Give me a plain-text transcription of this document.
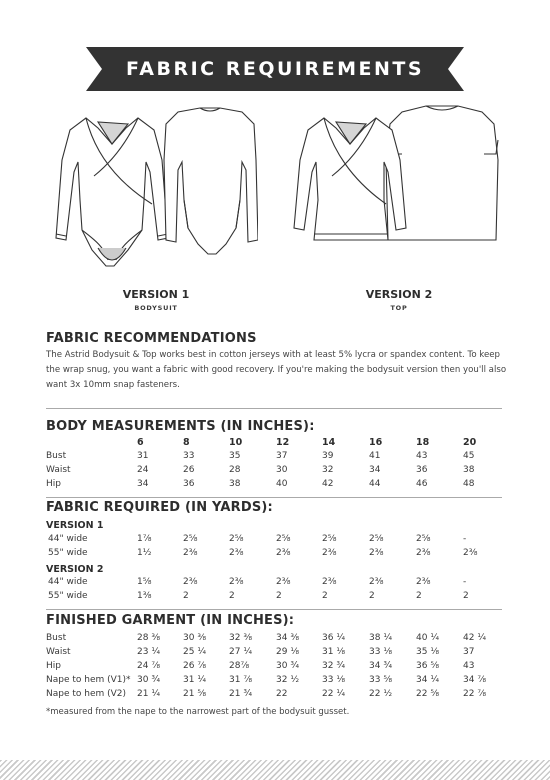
FABRIC REQUIREMENTS
VERSION 1
BODYSUIT
VERSION 2
TOP
FABRIC RECOMMENDATIONS
The Astrid Bodysuit & Top works best in cotton jerseys with at least 5% lycra or spandex content. To keep the wrap snug, you want a fabric with good recovery. If you're making the bodysuit version then you'll also want 3x 10mm snap fasteners.
BODY MEASUREMENTS (IN INCHES):
6	8	10	12	14	16	18	20
Bust	31	33	35	37	39	41	43	45
Waist	24	26	28	30	32	34	36	38
Hip	34	36	38	40	42	44	46	48
FABRIC REQUIRED (IN YARDS):
VERSION 1
VERSION 2
44" wide	1⅞	2⅝	2⅝	2⅝	2⅝	2⅝	2⅝	-
55" wide	1½	2⅜	2⅜	2⅜	2⅜	2⅜	2⅜	2⅜
44" wide	1⅝	2⅜	2⅜	2⅜	2⅜	2⅜	2⅜	-
55" wide	1⅜	2	2	2	2	2	2	2
FINISHED GARMENT (IN INCHES):
Bust	28 ⅜	30 ⅜	32 ⅜	34 ⅜	36 ¼	38 ¼	40 ¼	42 ¼
Waist	23 ¼	25 ¼	27 ¼	29 ⅛	31 ⅛	33 ⅛	35 ⅛	37
Hip	24 ⅞	26 ⅞	28⅞	30 ¾	32 ¾	34 ¾	36 ⅝	43
Nape to hem (V1)* 30 ¾	31 ¼	31 ⅞	32 ½	33 ⅛	33 ⅝	34 ¼	34 ⅞
Nape to hem (V2) 21 ¼	21 ⅝	21 ¾	22	22 ¼	22 ½	22 ⅝	22 ⅞
*measured from the nape to the narrowest part of the bodysuit gusset.
